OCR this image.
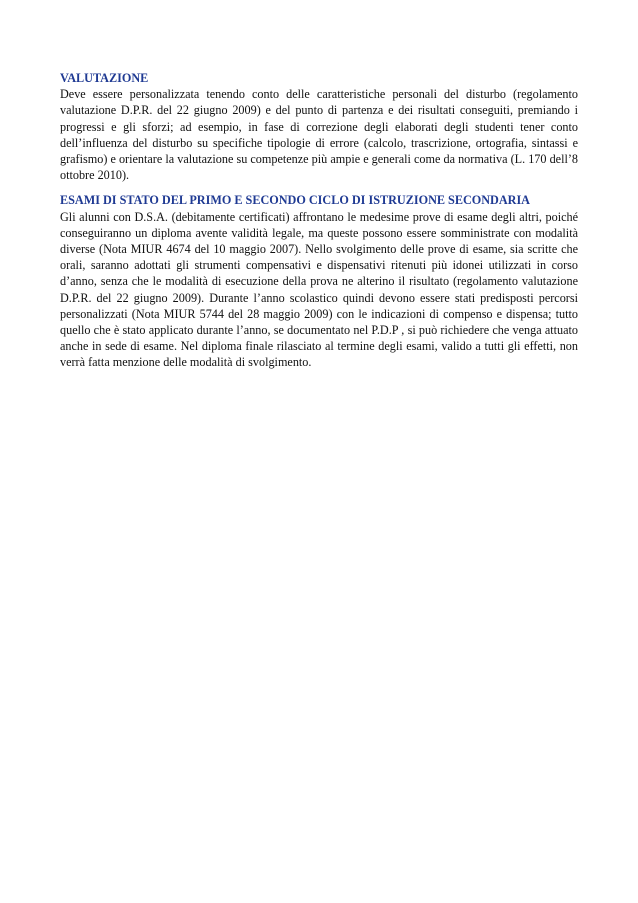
VALUTAZIONE

Deve essere personalizzata tenendo conto delle caratteristiche personali del disturbo (regolamento valutazione D.P.R. del 22 giugno 2009) e del punto di partenza e dei risultati conseguiti, premiando i progressi e gli sforzi; ad esempio, in fase di correzione degli elaborati degli studenti tener conto dell’influenza del disturbo su specifiche tipologie di errore (calcolo, trascrizione, ortografia, sintassi e grafismo) e orientare la valutazione su competenze più ampie e generali come da normativa (L. 170 dell’8 ottobre 2010).

ESAMI DI STATO DEL PRIMO E SECONDO CICLO DI ISTRUZIONE SECONDARIA

Gli alunni con D.S.A. (debitamente certificati) affrontano le medesime prove di esame degli altri, poiché conseguiranno un diploma avente validità legale, ma queste possono essere somministrate con modalità diverse (Nota MIUR 4674 del 10 maggio 2007). Nello svolgimento delle prove di esame, sia scritte che orali, saranno adottati gli strumenti compensativi e dispensativi ritenuti più idonei utilizzati in corso d’anno, senza che le modalità di esecuzione della prova ne alterino il risultato (regolamento valutazione D.P.R. del 22 giugno 2009). Durante l’anno scolastico quindi devono essere stati predisposti percorsi personalizzati (Nota MIUR 5744 del 28 maggio 2009) con le indicazioni di compenso e dispensa; tutto quello che è stato applicato durante l’anno, se documentato nel P.D.P , si può richiedere che venga attuato anche in sede di esame. Nel diploma finale rilasciato al termine degli esami, valido a tutti gli effetti, non verrà fatta menzione delle modalità di svolgimento.
